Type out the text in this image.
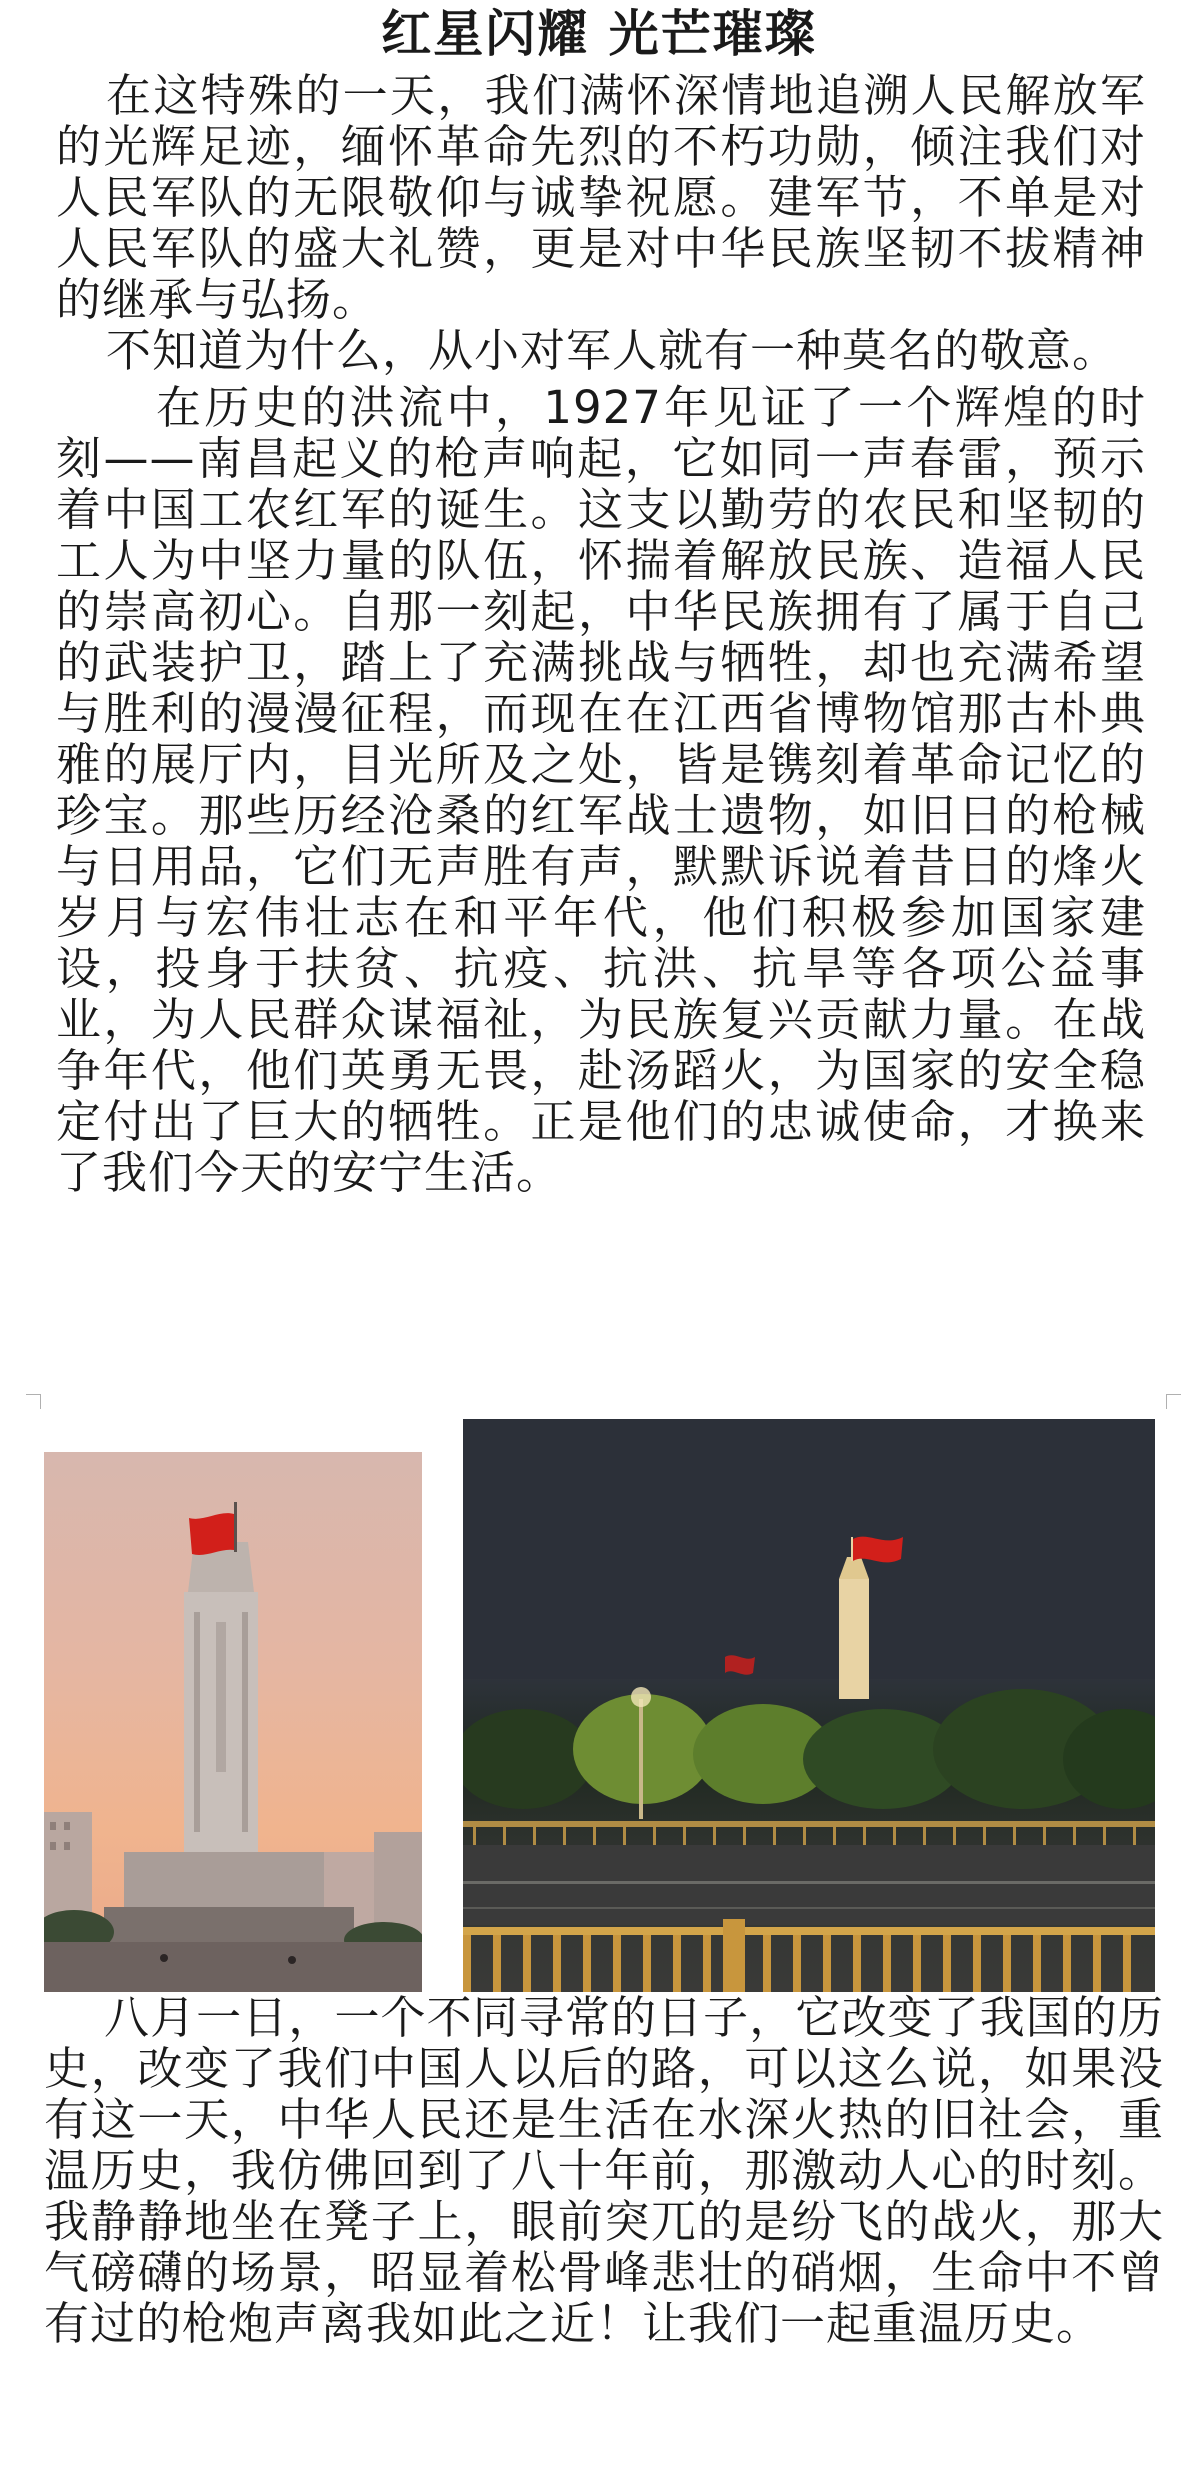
红星闪耀 光芒璀璨

在这特殊的一天，我们满怀深情地追溯人民解放军的光辉足迹，缅怀革命先烈的不朽功勋，倾注我们对人民军队的无限敬仰与诚挚祝愿。建军节，不单是对人民军队的盛大礼赞，更是对中华民族坚韧不拔精神的继承与弘扬。

不知道为什么，从小对军人就有一种莫名的敬意。

在历史的洪流中，1927年见证了一个辉煌的时刻——南昌起义的枪声响起，它如同一声春雷，预示着中国工农红军的诞生。这支以勤劳的农民和坚韧的工人为中坚力量的队伍，怀揣着解放民族、造福人民的崇高初心。自那一刻起，中华民族拥有了属于自己的武装护卫，踏上了充满挑战与牺牲，却也充满希望与胜利的漫漫征程，而现在在江西省博物馆那古朴典雅的展厅内，目光所及之处，皆是镌刻着革命记忆的珍宝。那些历经沧桑的红军战士遗物，如旧日的枪械与日用品，它们无声胜有声，默默诉说着昔日的烽火岁月与宏伟壮志在和平年代，他们积极参加国家建设，投身于扶贫、抗疫、抗洪、抗旱等各项公益事业，为人民群众谋福祉，为民族复兴贡献力量。在战争年代，他们英勇无畏，赴汤蹈火，为国家的安全稳定付出了巨大的牺牲。正是他们的忠诚使命，才换来了我们今天的安宁生活。

八月一日，一个不同寻常的日子，它改变了我国的历史，改变了我们中国人以后的路，可以这么说，如果没有这一天，中华人民还是生活在水深火热的旧社会，重温历史，我仿佛回到了八十年前，那激动人心的时刻。我静静地坐在凳子上，眼前突兀的是纷飞的战火，那大气磅礴的场景，昭显着松骨峰悲壮的硝烟，生命中不曾有过的枪炮声离我如此之近！让我们一起重温历史。
